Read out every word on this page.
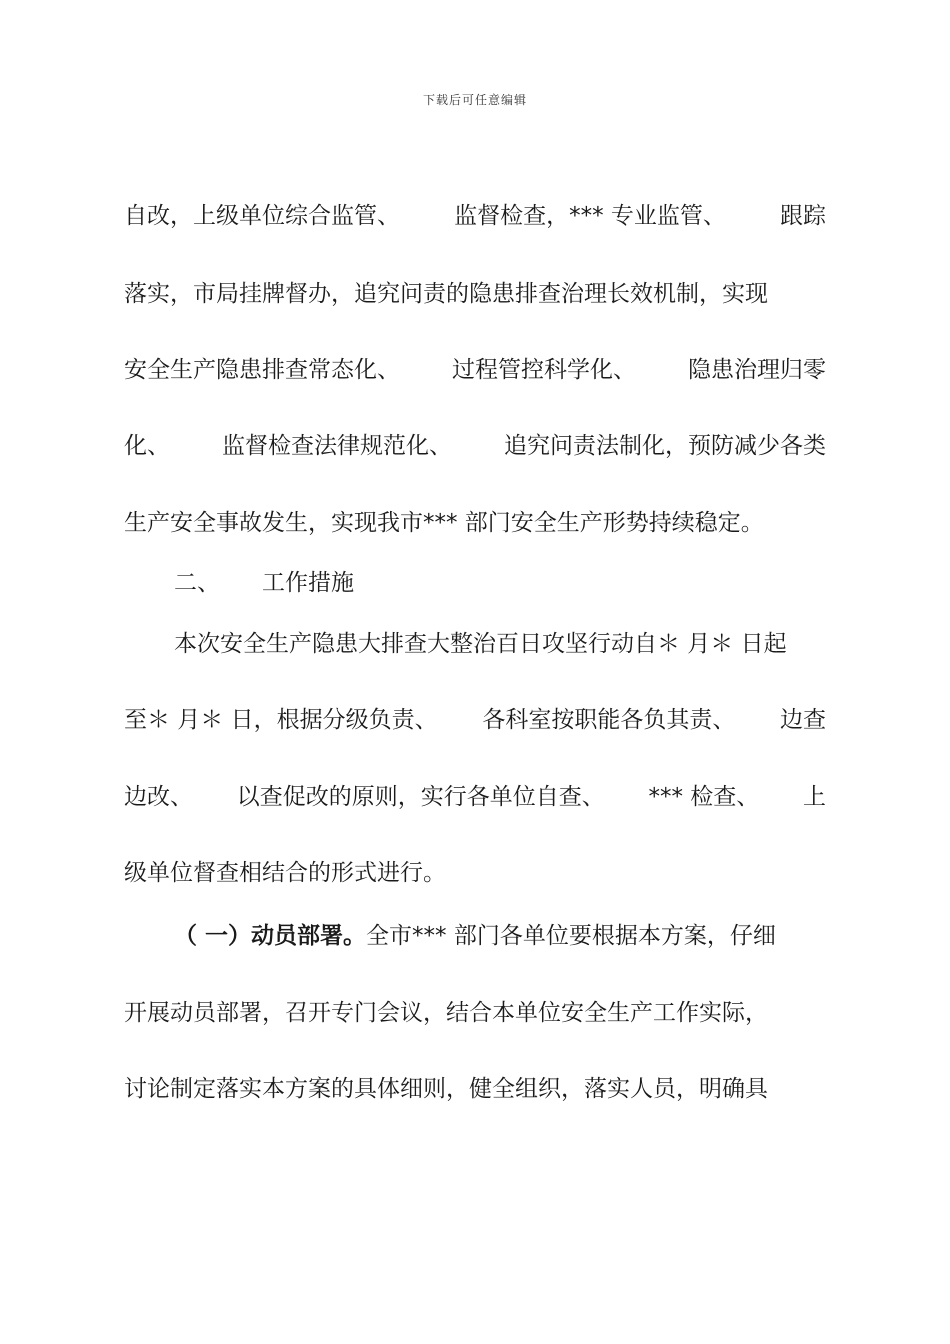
下载后可任意编辑
自改，上级单位综合监管、 监督检查，*** 专业监管、 跟踪
落实，市局挂牌督办，追究问责的隐患排查治理长效机制，实现
安全生产隐患排查常态化、 过程管控科学化、 隐患治理归零
化、 监督检查法律规范化、 追究问责法制化，预防减少各类
生产安全事故发生，实现我市*** 部门安全生产形势持续稳定。
二、 工作措施
本次安全生产隐患大排查大整治百日攻坚行动自＊ 月＊ 日起
至＊ 月＊ 日，根据分级负责、 各科室按职能各负其责、 边查
边改、 以查促改的原则，实行各单位自查、 *** 检查、 上
级单位督查相结合的形式进行。
（ 一）动员部署。 全市*** 部门各单位要根据本方案，仔细
开展动员部署，召开专门会议，结合本单位安全生产工作实际，
讨论制定落实本方案的具体细则，健全组织，落实人员，明确具
